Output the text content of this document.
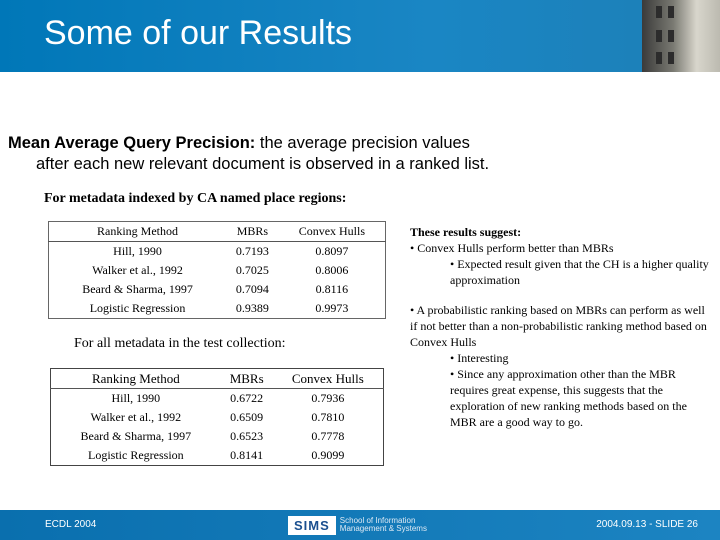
Some of our Results
Mean Average Query Precision: the average precision values
after each new relevant document is observed in a ranked list.
For metadata indexed by CA named place regions:
Ranking Method	MBRs	Convex Hulls
Hill, 1990	0.7193	0.8097
Walker et al., 1992	0.7025	0.8006
Beard & Sharma, 1997	0.7094	0.8116
Logistic Regression	0.9389	0.9973
For all metadata in the test collection:
Ranking Method	MBRs	Convex Hulls
Hill, 1990	0.6722	0.7936
Walker et al., 1992	0.6509	0.7810
Beard & Sharma, 1997	0.6523	0.7778
Logistic Regression	0.8141	0.9099

These results suggest:

• Convex Hulls perform better than MBRs

• Expected result given that the CH is a higher quality approximation

• A probabilistic ranking based on MBRs can perform as well if not better than a non-probabilistic ranking method based on Convex Hulls

• Interesting

• Since any approximation other than the MBR requires great expense, this suggests that the exploration of new ranking methods based on the MBR are a good way to go.

ECDL 2004	SIMS	School of Information
Management & Systems	2004.09.13 - SLIDE 26
